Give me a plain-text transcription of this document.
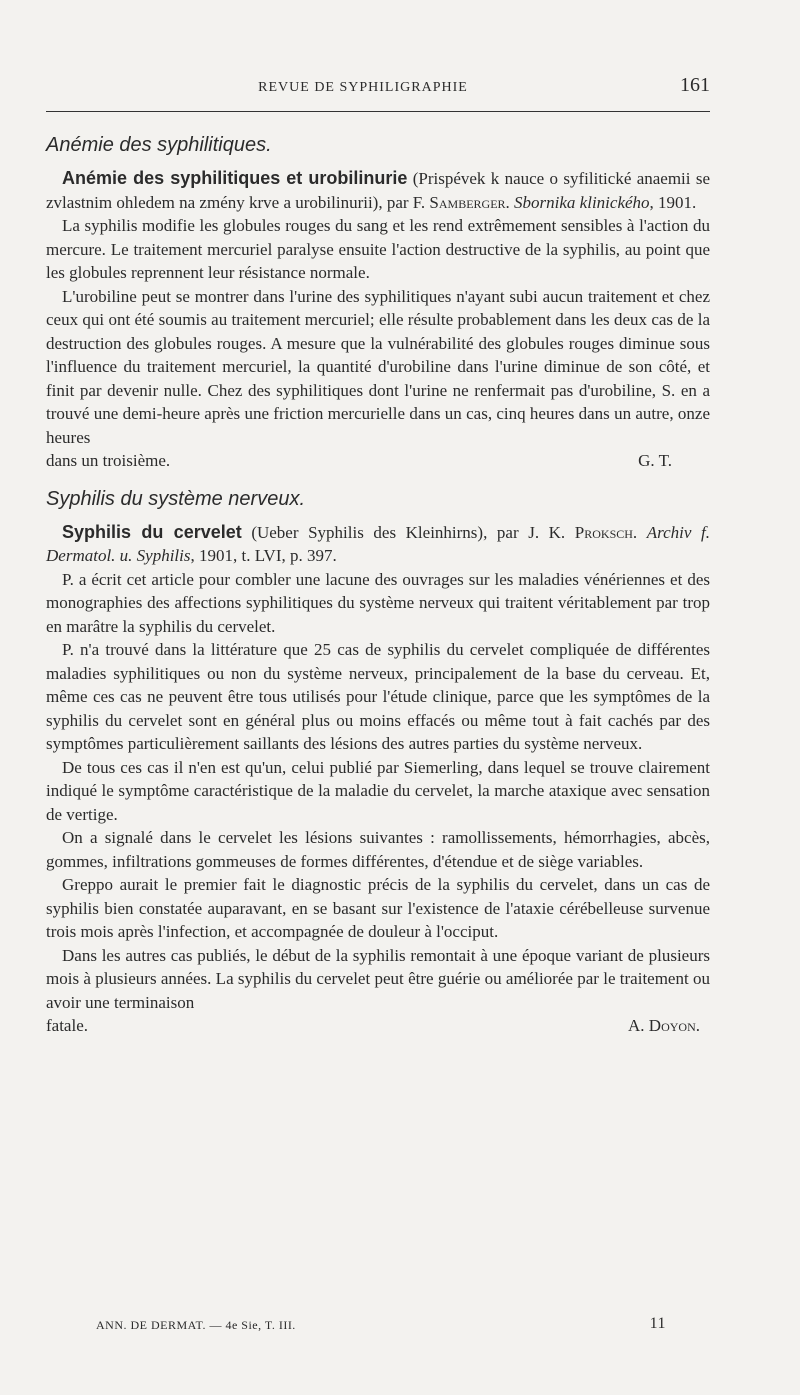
REVUE DE SYPHILIGRAPHIE	161

Anémie des syphilitiques.

Anémie des syphilitiques et urobilinurie (Prispévek k nauce o syfilitické anaemii se zvlastnim ohledem na zmény krve a urobilinurii), par F. Samberger. Sbornika klinického, 1901.

La syphilis modifie les globules rouges du sang et les rend extrêmement sensibles à l'action du mercure. Le traitement mercuriel paralyse ensuite l'action destructive de la syphilis, au point que les globules reprennent leur résistance normale.

L'urobiline peut se montrer dans l'urine des syphilitiques n'ayant subi aucun traitement et chez ceux qui ont été soumis au traitement mercuriel; elle résulte probablement dans les deux cas de la destruction des globules rouges. A mesure que la vulnérabilité des globules rouges diminue sous l'influence du traitement mercuriel, la quantité d'urobiline dans l'urine diminue de son côté, et finit par devenir nulle. Chez des syphilitiques dont l'urine ne renfermait pas d'urobiline, S. en a trouvé une demi-heure après une friction mercurielle dans un cas, cinq heures dans un autre, onze heures

dans un troisième.	G. T.

Syphilis du système nerveux.

Syphilis du cervelet (Ueber Syphilis des Kleinhirns), par J. K. Proksch. Archiv f. Dermatol. u. Syphilis, 1901, t. LVI, p. 397.

P. a écrit cet article pour combler une lacune des ouvrages sur les maladies vénériennes et des monographies des affections syphilitiques du système nerveux qui traitent véritablement par trop en marâtre la syphilis du cervelet.

P. n'a trouvé dans la littérature que 25 cas de syphilis du cervelet compliquée de différentes maladies syphilitiques ou non du système nerveux, principalement de la base du cerveau. Et, même ces cas ne peuvent être tous utilisés pour l'étude clinique, parce que les symptômes de la syphilis du cervelet sont en général plus ou moins effacés ou même tout à fait cachés par des symptômes particulièrement saillants des lésions des autres parties du système nerveux.

De tous ces cas il n'en est qu'un, celui publié par Siemerling, dans lequel se trouve clairement indiqué le symptôme caractéristique de la maladie du cervelet, la marche ataxique avec sensation de vertige.

On a signalé dans le cervelet les lésions suivantes : ramollissements, hémorrhagies, abcès, gommes, infiltrations gommeuses de formes différentes, d'étendue et de siège variables.

Greppo aurait le premier fait le diagnostic précis de la syphilis du cervelet, dans un cas de syphilis bien constatée auparavant, en se basant sur l'existence de l'ataxie cérébelleuse survenue trois mois après l'infection, et accompagnée de douleur à l'occiput.

Dans les autres cas publiés, le début de la syphilis remontait à une époque variant de plusieurs mois à plusieurs années. La syphilis du cervelet peut être guérie ou améliorée par le traitement ou avoir une terminaison

fatale.	A. Doyon.

ANN. DE DERMAT. — 4e Sie, T. III.	11
